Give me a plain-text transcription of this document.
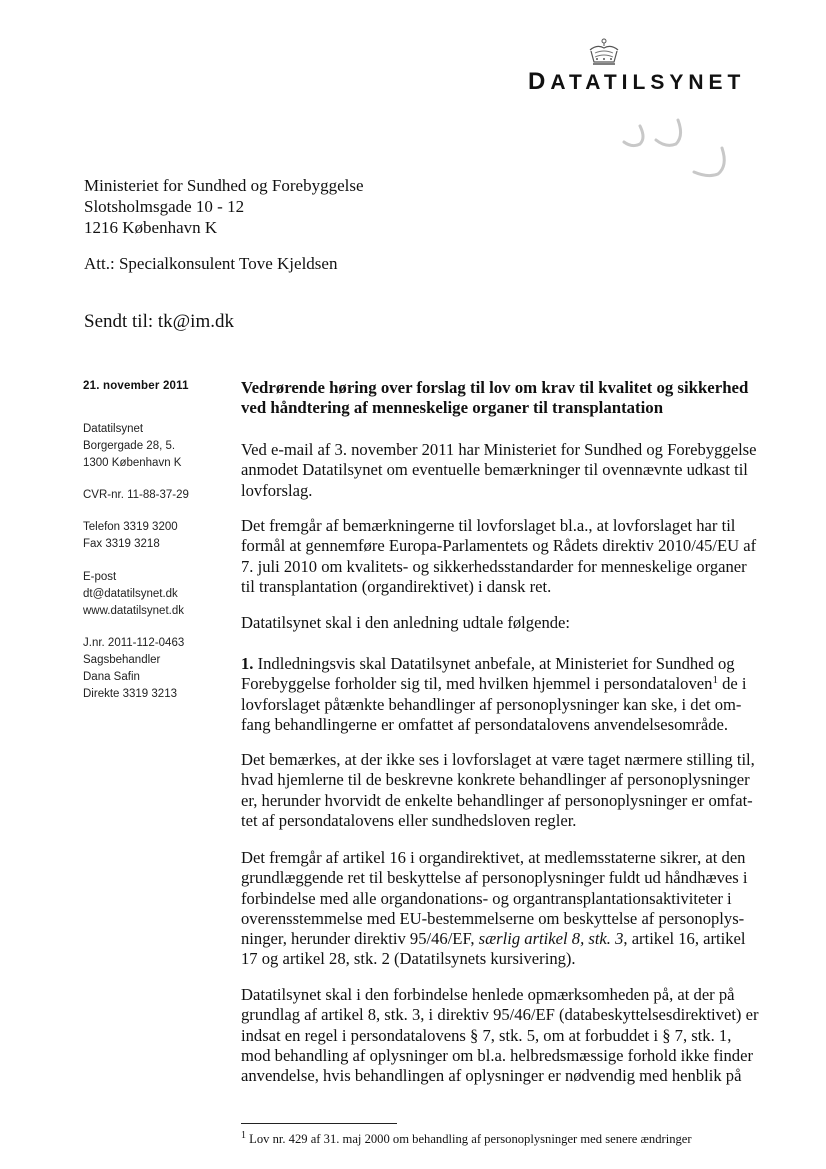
DATATILSYNET
Ministeriet for Sundhed og Forebyggelse
Slotsholmsgade 10 - 12
1216 København K
Att.: Specialkonsulent Tove Kjeldsen
Sendt til: tk@im.dk
21. november 2011
Datatilsynet
Borgergade 28, 5.
1300 København K
CVR-nr. 11-88-37-29
Telefon 3319 3200
Fax 3319 3218
E-post
dt@datatilsynet.dk
www.datatilsynet.dk
J.nr. 2011-112-0463
Sagsbehandler
Dana Safin
Direkte 3319 3213
Vedrørende høring over forslag til lov om krav til kvalitet og sikkerhed
ved håndtering af menneskelige organer til transplantation
Ved e-mail af 3. november 2011 har Ministeriet for Sundhed og Forebyggelse
anmodet Datatilsynet om eventuelle bemærkninger til ovennævnte udkast til
lovforslag.
Det fremgår af bemærkningerne til lovforslaget bl.a., at lovforslaget har til
formål at gennemføre Europa-Parlamentets og Rådets direktiv 2010/45/EU af
7. juli 2010 om kvalitets- og sikkerhedsstandarder for menneskelige organer
til transplantation (organdirektivet) i dansk ret.
Datatilsynet skal i den anledning udtale følgende:
1. Indledningsvis skal Datatilsynet anbefale, at Ministeriet for Sundhed og
Forebyggelse forholder sig til, med hvilken hjemmel i persondataloven$^1$ de i
lovforslaget påtænkte behandlinger af personoplysninger kan ske, i det om-
fang behandlingerne er omfattet af persondatalovens anvendelsesområde.
Det bemærkes, at der ikke ses i lovforslaget at være taget nærmere stilling til,
hvad hjemlerne til de beskrevne konkrete behandlinger af personoplysninger
er, herunder hvorvidt de enkelte behandlinger af personoplysninger er omfat-
tet af persondatalovens eller sundhedsloven regler.
Det fremgår af artikel 16 i organdirektivet, at medlemsstaterne sikrer, at den
grundlæggende ret til beskyttelse af personoplysninger fuldt ud håndhæves i
forbindelse med alle organdonations- og organtransplantationsaktiviteter i
overensstemmelse med EU-bestemmelserne om beskyttelse af personoplys-
ninger, herunder direktiv 95/46/EF, særlig artikel 8, stk. 3, artikel 16, artikel
17 og artikel 28, stk. 2 (Datatilsynets kursivering).
Datatilsynet skal i den forbindelse henlede opmærksomheden på, at der på
grundlag af artikel 8, stk. 3, i direktiv 95/46/EF (databeskyttelsesdirektivet) er
indsat en regel i persondatalovens § 7, stk. 5, om at forbuddet i § 7, stk. 1,
mod behandling af oplysninger om bl.a. helbredsmæssige forhold ikke finder
anvendelse, hvis behandlingen af oplysninger er nødvendig med henblik på
$^1$ Lov nr. 429 af 31. maj 2000 om behandling af personoplysninger med senere ændringer
